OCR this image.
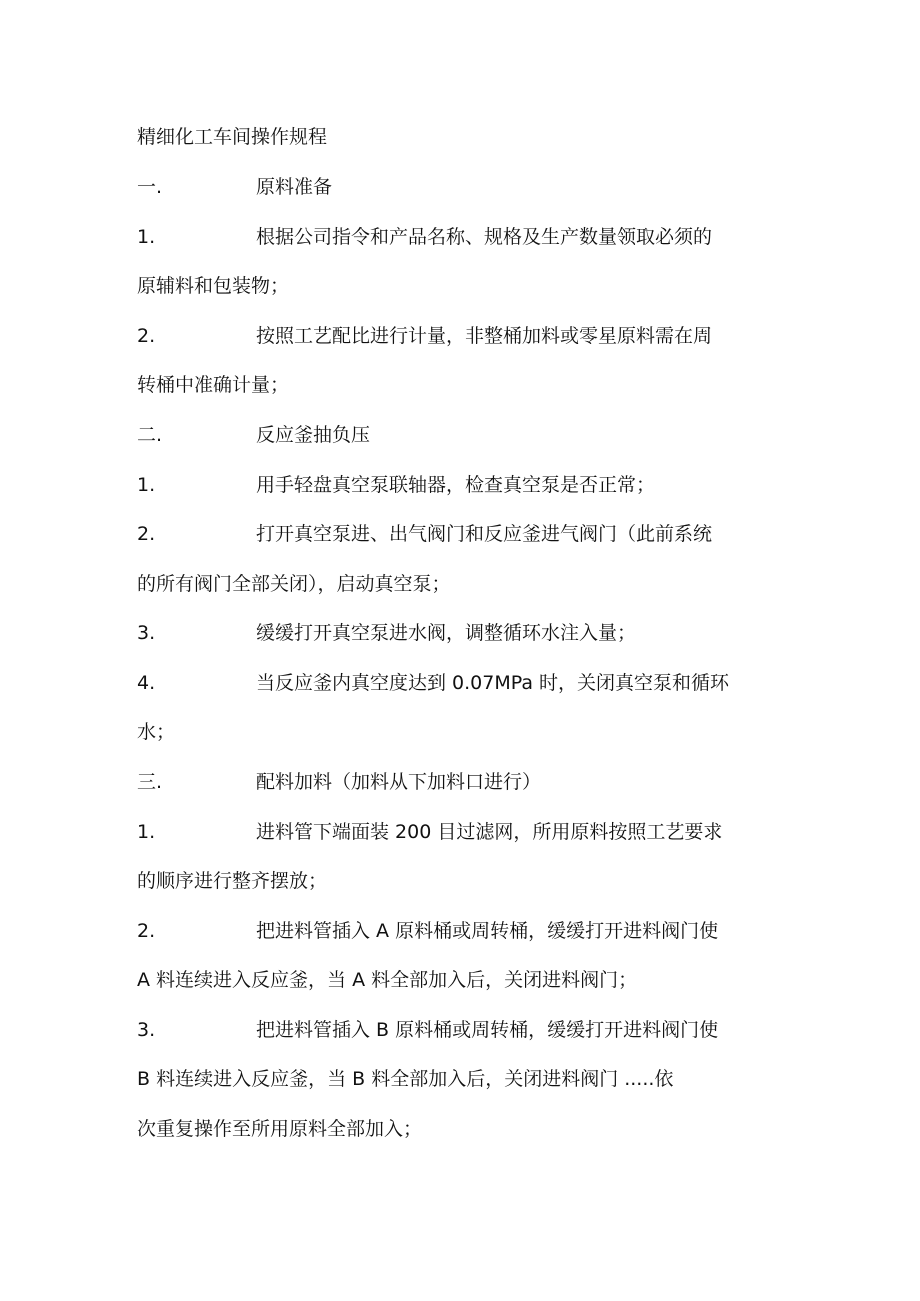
精细化工车间操作规程
一.	原料准备
1.	根据公司指令和产品名称、规格及生产数量领取必须的
原辅料和包装物；
2.	按照工艺配比进行计量，非整桶加料或零星原料需在周
转桶中准确计量；
二.	反应釜抽负压
1.	用手轻盘真空泵联轴器，检查真空泵是否正常；
2.	打开真空泵进、出气阀门和反应釜进气阀门（此前系统
的所有阀门全部关闭），启动真空泵；
3.	缓缓打开真空泵进水阀，调整循环水注入量；
4.	当反应釜内真空度达到 0.07MPa 时，关闭真空泵和循环
水；
三.	配料加料（加料从下加料口进行）
1.	进料管下端面装 200 目过滤网，所用原料按照工艺要求
的顺序进行整齐摆放；
2.	把进料管插入 A 原料桶或周转桶，缓缓打开进料阀门使
A 料连续进入反应釜，当 A 料全部加入后，关闭进料阀门；
3.	把进料管插入 B 原料桶或周转桶，缓缓打开进料阀门使
B 料连续进入反应釜，当 B 料全部加入后，关闭进料阀门 .....依
次重复操作至所用原料全部加入；
